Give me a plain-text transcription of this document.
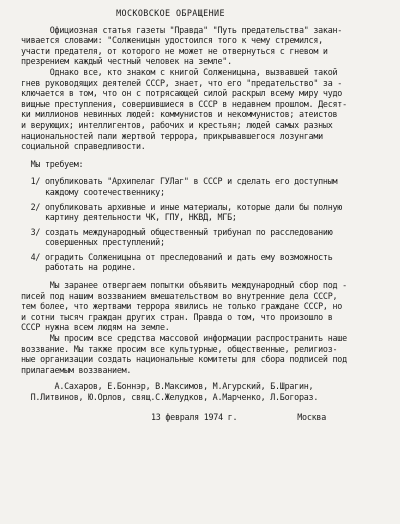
МОСКОВСКОЕ ОБРАЩЕНИЕ
Официозная статья газеты "Правда" "Путь предательства" закан-
чивается словами: "Солженицын удостоился того к чему стремился,
участи предателя, от которого не может не отвернуться с гневом и
презрением каждый честный человек на земле".
Однако все, кто знаком с книгой Солженицына, вызвавшей такой
гнев руководящих деятелей СССР, знает, что его "предательство" за -
ключается в том, что он с потрясающей силой раскрыл всему миру чудо
вищные преступления, совершившиеся в СССР в недавнем прошлом. Десят-
ки миллионов невинных людей: коммунистов и некоммунистов; атеистов
и верующих; интеллигентов, рабочих и крестьян; людей самых разных
национальностей пали жертвой террора, прикрывавшегося лозунгами
социальной справедливости.
Мы требуем:
1/ опубликовать "Архипелаг ГУЛаг" в СССР и сделать его доступным
каждому соотечественнику;
2/ опубликовать архивные и иные материалы, которые дали бы полную
картину деятельности ЧК, ГПУ, НКВД, МГБ;
3/ создать международный общественный трибунал по расследованию
совершенных преступлений;
4/ оградить Солженицына от преследований и дать ему возможность
работать на родине.
Мы заранее отвергаем попытки объявить международный сбор под -
писей под нашим воззванием вмешательством во внутренние дела СССР,
тем более, что жертвами террора явились не только граждане СССР, но
и сотни тысяч граждан других стран. Правда о том, что произошло в
СССР нужна всем людям на земле.
Мы просим все средства массовой информации распространить наше
воззвание. Мы также просим все культурные, общественные, религиоз-
ные организации создать национальные комитеты для сбора подписей под
прилагаемым воззванием.
А.Сахаров, Е.Боннэр, В.Максимов, М.Агурский, Б.Шрагин,
П.Литвинов, Ю.Орлов, свящ.С.Желудков, А.Марченко, Л.Богораз.
13 февраля 1974 г.	Москва
